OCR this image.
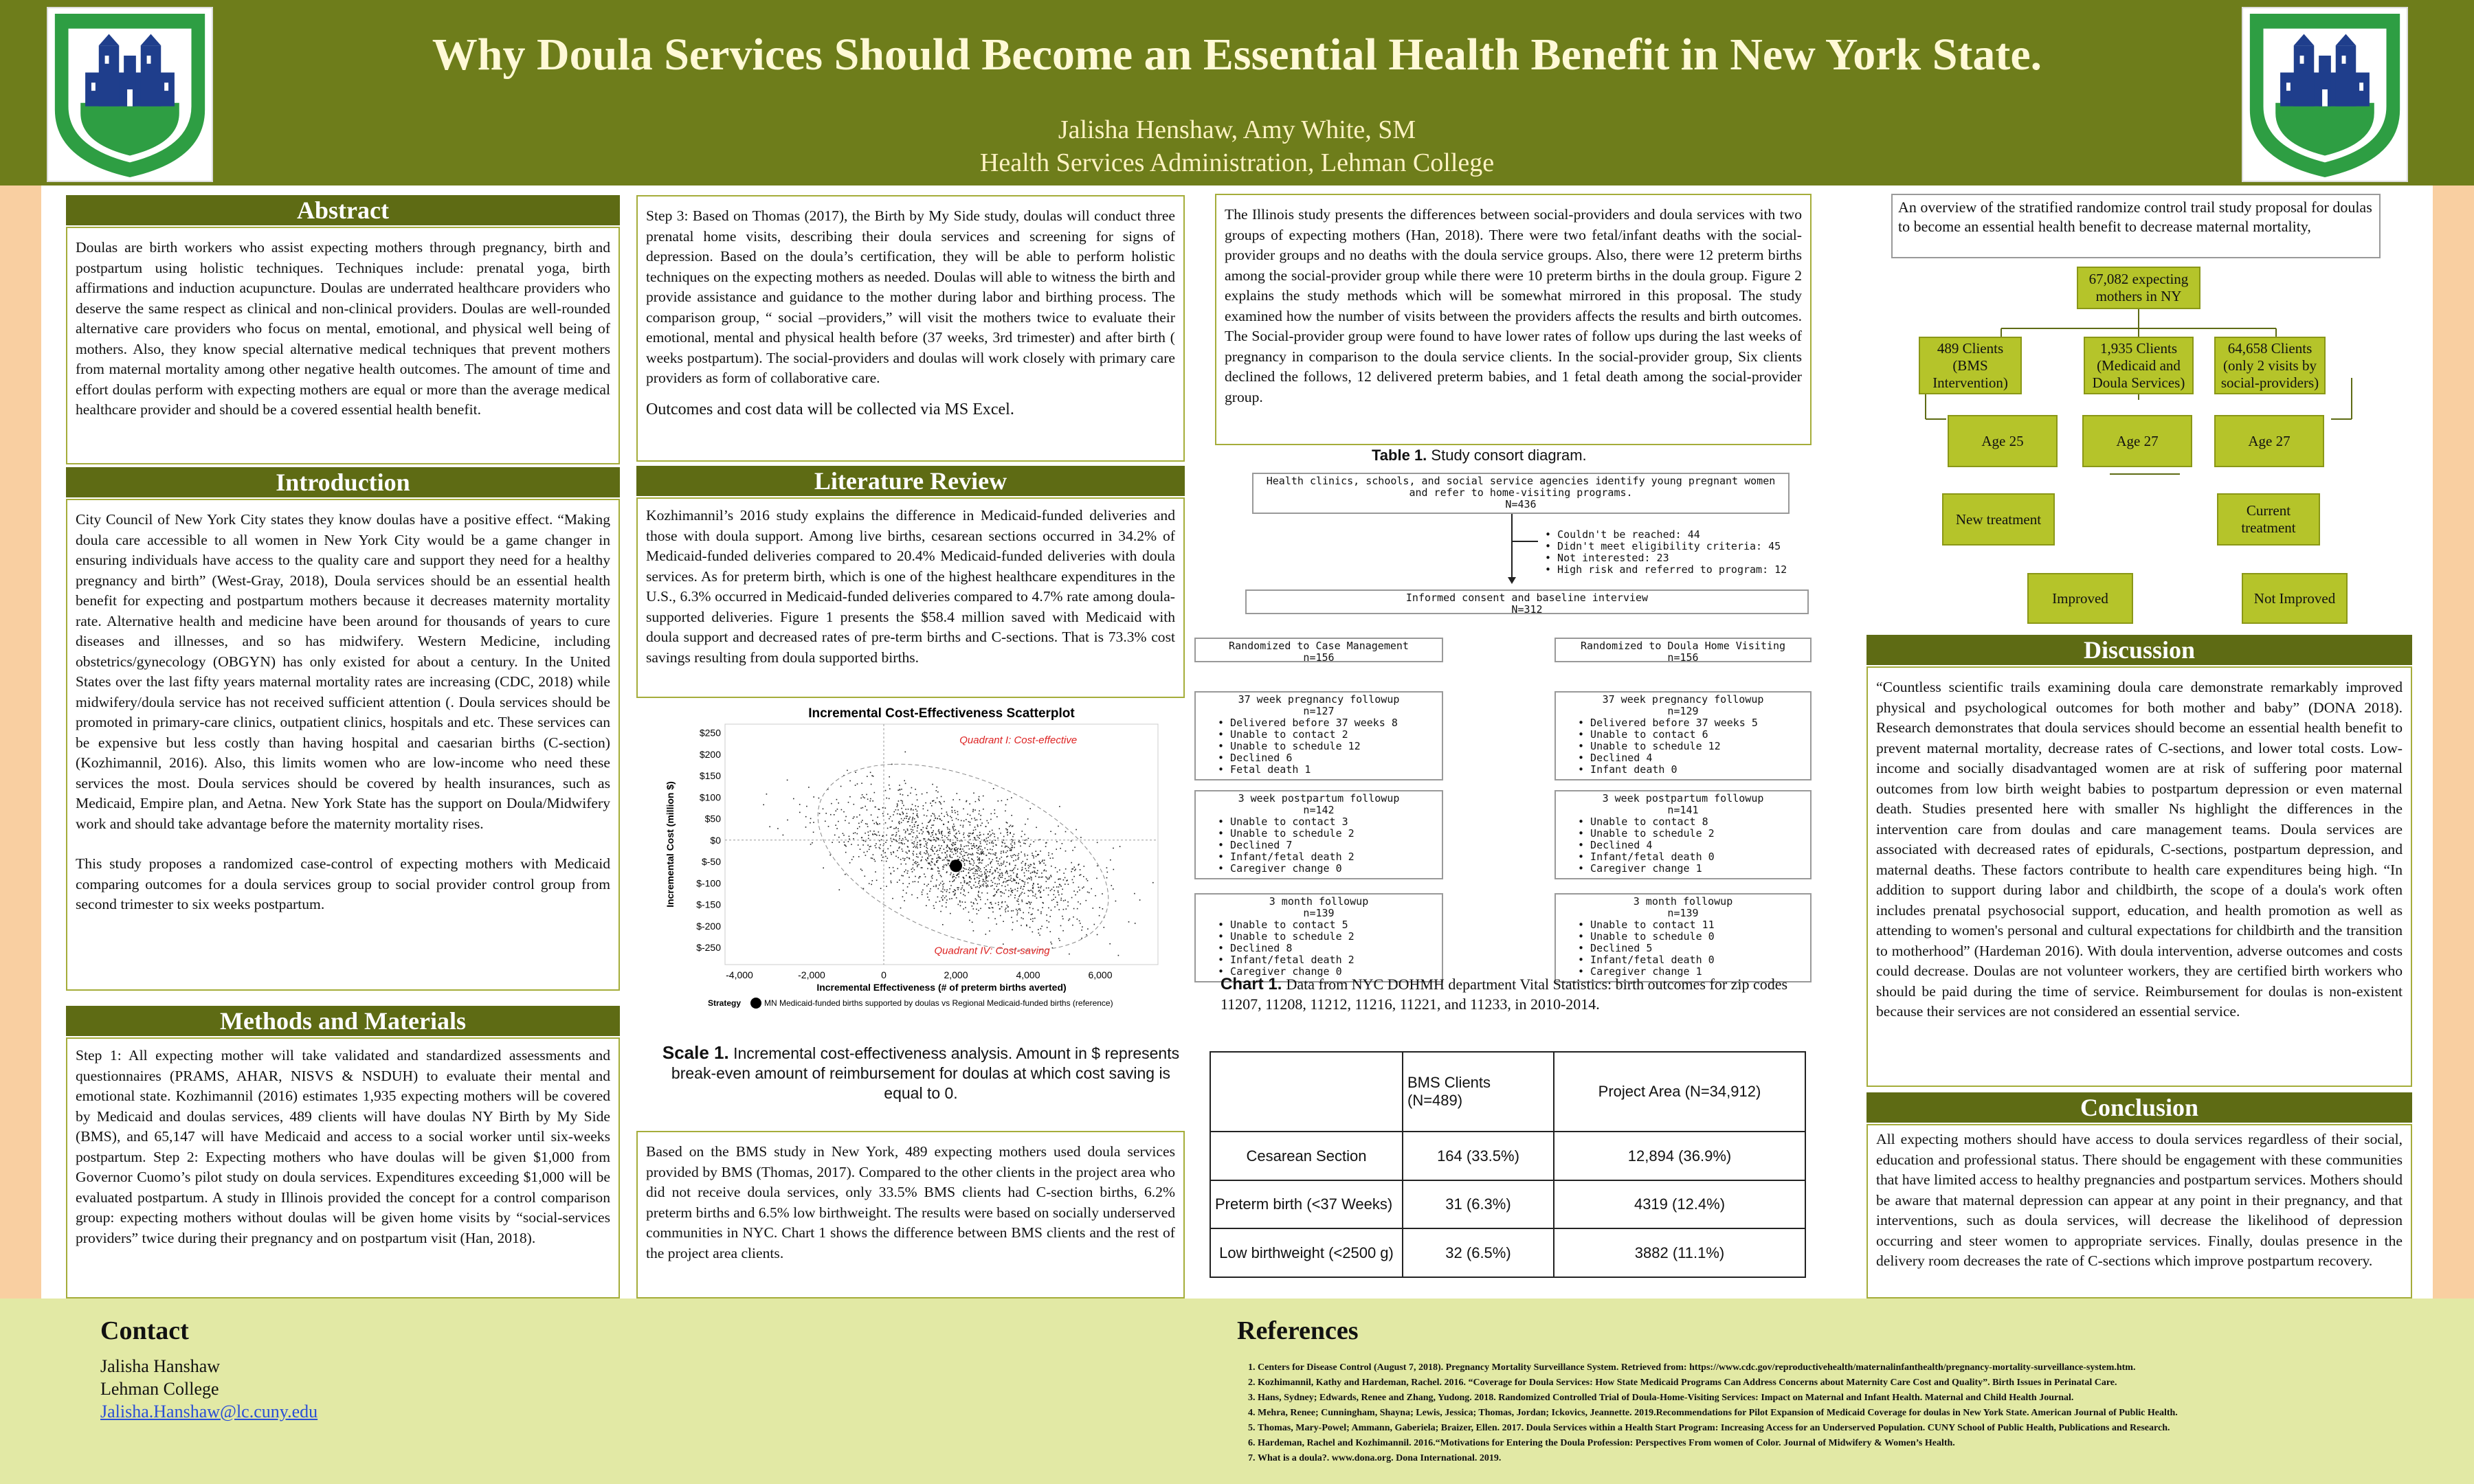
Why Doula Services Should Become an Essential Health Benefit in New York State.
Jalisha Henshaw, Amy White, SM
Health Services Administration, Lehman College
Abstract
Doulas are birth workers who assist expecting mothers through pregnancy, birth and postpartum using holistic techniques. Techniques include: prenatal yoga, birth affirmations and induction acupuncture. Doulas are underrated healthcare providers who deserve the same respect as clinical and non-clinical providers. Doulas are well-rounded alternative care providers who focus on mental, emotional, and physical well being of mothers. Also, they know special alternative medical techniques that prevent mothers from maternal mortality among other negative health outcomes. The amount of time and effort doulas perform with expecting mothers are equal or more than the average medical healthcare provider and should be a covered essential health benefit.
Introduction

City Council of New York City states they know doulas have a positive effect. “Making doula care accessible to all women in New York City would be a game changer in ensuring individuals have access to the quality care and support they need for a healthy pregnancy and birth” (West-Gray, 2018), Doula services should be an essential health benefit for expecting and postpartum mothers because it decreases maternity mortality rate. Alternative health and medicine have been around for thousands of years to cure diseases and illnesses, and so has midwifery. Western Medicine, including obstetrics/gynecology (OBGYN) has only existed for about a century. In the United States over the last fifty years maternal mortality rates are increasing (CDC, 2018) while midwifery/doula service has not received sufficient attention (. Doula services should be promoted in primary-care clinics, outpatient clinics, hospitals and etc. These services can be expensive but less costly than having hospital and caesarian births (C-section) (Kozhimannil, 2016). Also, this limits women who are low-income who need these services the most. Doula services should be covered by health insurances, such as Medicaid, Empire plan, and Aetna. New York State has the support on Doula/Midwifery work and should take advantage before the maternity mortality rises.

This study proposes a randomized case-control of expecting mothers with Medicaid comparing outcomes for a doula services group to social provider control group from second trimester to six weeks postpartum.

Methods and Materials
Step 1: All expecting mother will take validated and standardized assessments and questionnaires (PRAMS, AHAR, NISVS & NSDUH) to evaluate their mental and emotional state. Kozhimannil (2016) estimates 1,935 expecting mothers will be covered by Medicaid and doulas services, 489 clients will have doulas NY Birth by My Side (BMS), and 65,147 will have Medicaid and access to a social worker until six-weeks postpartum. Step 2: Expecting mothers who have doulas will be given $1,000 from Governor Cuomo’s pilot study on doula services. Expenditures exceeding $1,000 will be evaluated postpartum. A study in Illinois provided the concept for a control comparison group: expecting mothers without doulas will be given home visits by “social-services providers” twice during their pregnancy and on postpartum visit (Han, 2018).

Step 3: Based on Thomas (2017), the Birth by My Side study, doulas will conduct three prenatal home visits, describing their doula services and screening for signs of depression. Based on the doula’s certification, they will be able to perform holistic techniques on the expecting mothers as needed. Doulas will able to witness the birth and provide assistance and guidance to the mother during labor and birthing process. The comparison group, “ social –providers,” will visit the mothers twice to evaluate their emotional, mental and physical health before (37 weeks, 3rd trimester) and after birth ( weeks postpartum). The social-providers and doulas will work closely with primary care providers as form of collaborative care.

Outcomes and cost data will be collected via MS Excel.

Literature Review
Kozhimannil’s 2016 study explains the difference in Medicaid-funded deliveries and those with doula support. Among live births, cesarean sections occurred in 34.2% of Medicaid-funded deliveries compared to 20.4% Medicaid-funded deliveries with doula services. As for preterm birth, which is one of the highest healthcare expenditures in the U.S., 6.3% occurred in Medicaid-funded deliveries compared to 4.7% rate among doula-supported deliveries. Figure 1 presents the $58.4 million saved with Medicaid with doula support and decreased rates of pre-term births and C-sections. That is 73.3% cost savings resulting from doula supported births.
Incremental Cost-Effectiveness Scatterplot
-4,000	-2,000	0	2,000	4,000	6,000
$250
$200
$150
$100
$50
$0
$-50
$-100
$-150
$-200
$-250
Incremental Effectiveness (# of preterm births averted)
Incremental Cost (million $)
Quadrant I: Cost-effective
Quadrant IV: Cost-saving
Strategy	MN Medicaid-funded births supported by doulas vs Regional Medicaid-funded births (reference)
Scale 1. Incremental cost-effectiveness analysis. Amount in $ represents break-even amount of reimbursement for doulas at which cost saving is equal to 0.
Based on the BMS study in New York, 489 expecting mothers used doula services provided by BMS (Thomas, 2017). Compared to the other clients in the project area who did not receive doula services, only 33.5% BMS clients had C-section births, 6.2% preterm births and 6.5% low birthweight. The results were based on socially underserved communities in NYC. Chart 1 shows the difference between BMS clients and the rest of the project area clients.
The Illinois study presents the differences between social-providers and doula services with two groups of expecting mothers (Han, 2018). There were two fetal/infant deaths with the social-provider groups and no deaths with the doula service groups. Also, there were 12 preterm births among the social-provider group while there were 10 preterm births in the doula group. Figure 2 explains the study methods which will be somewhat mirrored in this proposal. The study examined how the number of visits between the providers affects the results and birth outcomes. The Social-provider group were found to have lower rates of follow ups during the last weeks of pregnancy in comparison to the doula service clients. In the social-provider group, Six clients declined the follows, 12 delivered preterm babies, and 1 fetal death among the social-provider group.
Table 1. Study consort diagram.
Health clinics, schools, and social service agencies identify young pregnant women and refer to home-visiting programs.
N=436
• Couldn't be reached: 44
• Didn't meet eligibility criteria: 45
• Not interested: 23
• High risk and referred to program: 12
Informed consent and baseline interview
N=312
Randomized to Case Management
n=156
Randomized to Doula Home Visiting
n=156
37 week pregnancy followup
n=127
• Delivered before 37 weeks 8
• Unable to contact 2
• Unable to schedule 12
• Declined 6
• Fetal death 1
3 week postpartum followup
n=142
• Unable to contact 3
• Unable to schedule 2
• Declined 7
• Infant/fetal death 2
• Caregiver change 0
3 month followup
n=139
• Unable to contact 5
• Unable to schedule 2
• Declined 8
• Infant/fetal death 2
• Caregiver change 0
37 week pregnancy followup
n=129
• Delivered before 37 weeks 5
• Unable to contact 6
• Unable to schedule 12
• Declined 4
• Infant death 0
3 week postpartum followup
n=141
• Unable to contact 8
• Unable to schedule 2
• Declined 4
• Infant/fetal death 0
• Caregiver change 1
3 month followup
n=139
• Unable to contact 11
• Unable to schedule 0
• Declined 5
• Infant/fetal death 0
• Caregiver change 1
Chart 1. Data from NYC DOHMH department Vital Statistics: birth outcomes for zip codes 11207, 11208, 11212, 11216, 11221, and 11233, in 2010-2014.
	BMS Clients (N=489)	Project Area (N=34,912)
Cesarean Section	164 (33.5%)	12,894 (36.9%)
Preterm birth (<37 Weeks)	31 (6.3%)	4319 (12.4%)
Low birthweight (<2500 g)	32 (6.5%)	3882 (11.1%)
An overview of the stratified randomize control trail study proposal for doulas to become an essential health benefit to decrease maternal mortality,
67,082 expecting mothers in NY
489 Clients (BMS Intervention)
1,935 Clients (Medicaid and Doula Services)
64,658 Clients (only 2 visits by social-providers)
Age 25	Age 27	Age 27
New treatment
Current treatment
Improved	Not Improved
Discussion
“Countless scientific trails examining doula care demonstrate remarkably improved physical and psychological outcomes for both mother and baby” (DONA 2018). Research demonstrates that doula services should become an essential health benefit to prevent maternal mortality, decrease rates of C-sections, and lower total costs. Low-income and socially disadvantaged women are at risk of suffering poor maternal outcomes from low birth weight babies to postpartum depression or even maternal death. Studies presented here with smaller Ns highlight the differences in the intervention care from doulas and care management teams. Doula services are associated with decreased rates of epidurals, C-sections, postpartum depression, and maternal deaths. These factors contribute to health care expenditures being high. “In addition to support during labor and childbirth, the scope of a doula's work often includes prenatal psychosocial support, education, and health promotion as well as attending to women's personal and cultural expectations for childbirth and the transition to motherhood” (Hardeman 2016). With doula intervention, adverse outcomes and costs could decrease. Doulas are not volunteer workers, they are certified birth workers who should be paid during the time of service. Reimbursement for doulas is non-existent because their services are not considered an essential service.
Conclusion
All expecting mothers should have access to doula services regardless of their social, education and professional status. There should be engagement with these communities that have limited access to healthy pregnancies and postpartum services. Mothers should be aware that maternal depression can appear at any point in their pregnancy, and that interventions, such as doula services, will decrease the likelihood of depression occurring and steer women to appropriate services. Finally, doulas presence in the delivery room decreases the rate of C-sections which improve postpartum recovery.
Contact
Jalisha Hanshaw
Lehman College
Jalisha.Hanshaw@lc.cuny.edu
References
1. Centers for Disease Control (August 7, 2018). Pregnancy Mortality Surveillance System. Retrieved from: https://www.cdc.gov/reproductivehealth/maternalinfanthealth/pregnancy-mortality-surveillance-system.htm.
2. Kozhimannil, Kathy and Hardeman, Rachel. 2016. “Coverage for Doula Services: How State Medicaid Programs Can Address Concerns about Maternity Care Cost and Quality”. Birth Issues in Perinatal Care.
3. Hans, Sydney; Edwards, Renee and Zhang, Yudong. 2018. Randomized Controlled Trial of Doula-Home-Visiting Services: Impact on Maternal and Infant Health. Maternal and Child Health Journal.
4. Mehra, Renee; Cunningham, Shayna; Lewis, Jessica; Thomas, Jordan; Ickovics, Jeannette. 2019.Recommendations for Pilot Expansion of Medicaid Coverage for doulas in New York State. American Journal of Public Health.
5. Thomas, Mary-Powel; Ammann, Gaberiela; Braizer, Ellen. 2017. Doula Services within a Health Start Program: Increasing Access for an Underserved Population. CUNY School of Public Health, Publications and Research.
6. Hardeman, Rachel and Kozhimannil. 2016.“Motivations for Entering the Doula Profession: Perspectives From women of Color. Journal of Midwifery & Women’s Health.
7. What is a doula?. www.dona.org. Dona International. 2019.
